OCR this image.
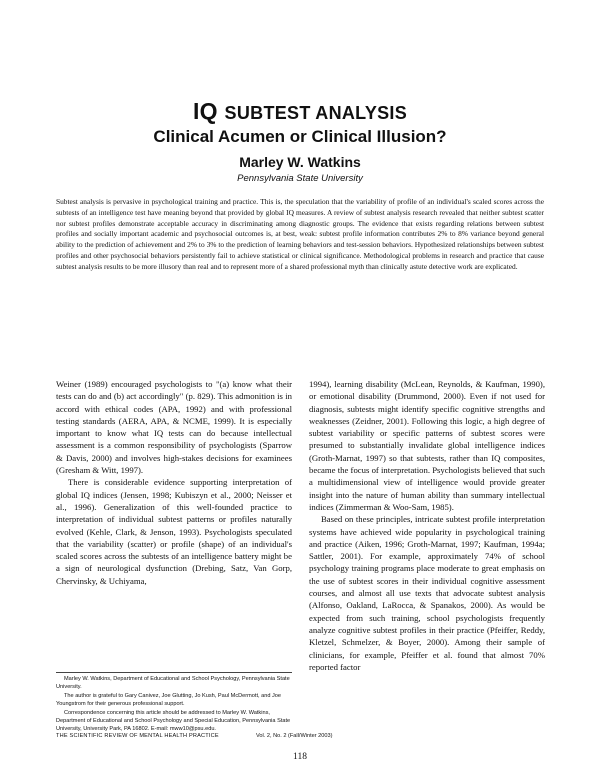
IQ SUBTEST ANALYSIS
Clinical Acumen or Clinical Illusion?
Marley W. Watkins
Pennsylvania State University
Subtest analysis is pervasive in psychological training and practice. This is, the speculation that the variability of profile of an individual's scaled scores across the subtests of an intelligence test have meaning beyond that provided by global IQ measures. A review of subtest analysis research revealed that neither subtest scatter nor subtest profiles demonstrate acceptable accuracy in discriminating among diagnostic groups. The evidence that exists regarding relations between subtest profiles and socially important academic and psychosocial outcomes is, at best, weak: subtest profile information contributes 2% to 8% variance beyond general ability to the prediction of achievement and 2% to 3% to the prediction of learning behaviors and test-session behaviors. Hypothesized relationships between subtest profiles and other psychosocial behaviors persistently fail to achieve statistical or clinical significance. Methodological problems in research and practice that cause subtest analysis results to be more illusory than real and to represent more of a shared professional myth than clinically astute detective work are explicated.

Weiner (1989) encouraged psychologists to "(a) know what their tests can do and (b) act accordingly" (p. 829). This admonition is in accord with ethical codes (APA, 1992) and with professional testing standards (AERA, APA, & NCME, 1999). It is especially important to know what IQ tests can do because intellectual assessment is a common responsibility of psychologists (Sparrow & Davis, 2000) and involves high-stakes decisions for examinees (Gresham & Witt, 1997).

There is considerable evidence supporting interpretation of global IQ indices (Jensen, 1998; Kubiszyn et al., 2000; Neisser et al., 1996). Generalization of this well-founded practice to interpretation of individual subtest patterns or profiles naturally evolved (Kehle, Clark, & Jenson, 1993). Psychologists speculated that the variability (scatter) or profile (shape) of an individual's scaled scores across the subtests of an intelligence battery might be a sign of neurological dysfunction (Drebing, Satz, Van Gorp, Chervinsky, & Uchiyama,

1994), learning disability (McLean, Reynolds, & Kaufman, 1990), or emotional disability (Drummond, 2000). Even if not used for diagnosis, subtests might identify specific cognitive strengths and weaknesses (Zeidner, 2001). Following this logic, a high degree of subtest variability or specific patterns of subtest scores were presumed to substantially invalidate global intelligence indices (Groth-Marnat, 1997) so that subtests, rather than IQ composites, became the focus of interpretation. Psychologists believed that such a multidimensional view of intelligence would provide greater insight into the nature of human ability than summary intellectual indices (Zimmerman & Woo-Sam, 1985).

Based on these principles, intricate subtest profile interpretation systems have achieved wide popularity in psychological training and practice (Aiken, 1996; Groth-Marnat, 1997; Kaufman, 1994a; Sattler, 2001). For example, approximately 74% of school psychology training programs place moderate to great emphasis on the use of subtest scores in their individual cognitive assessment courses, and almost all use texts that advocate subtest analysis (Alfonso, Oakland, LaRocca, & Spanakos, 2000). As would be expected from such training, school psychologists frequently analyze cognitive subtest profiles in their practice (Pfeiffer, Reddy, Kletzel, Schmelzer, & Boyer, 2000). Among their sample of clinicians, for example, Pfeiffer et al. found that almost 70% reported factor

Marley W. Watkins, Department of Educational and School Psychology, Pennsylvania State University.

The author is grateful to Gary Canivez, Joe Glutting, Jo Kush, Paul McDermott, and Joe Youngstrom for their generous professional support.

Correspondence concerning this article should be addressed to Marley W. Watkins, Department of Educational and School Psychology and Special Education, Pennsylvania State University, University Park, PA 16802. E-mail: mww10@psu.edu.

THE SCIENTIFIC REVIEW OF MENTAL HEALTH PRACTICE	Vol. 2, No. 2 (Fall/Winter 2003)
118
